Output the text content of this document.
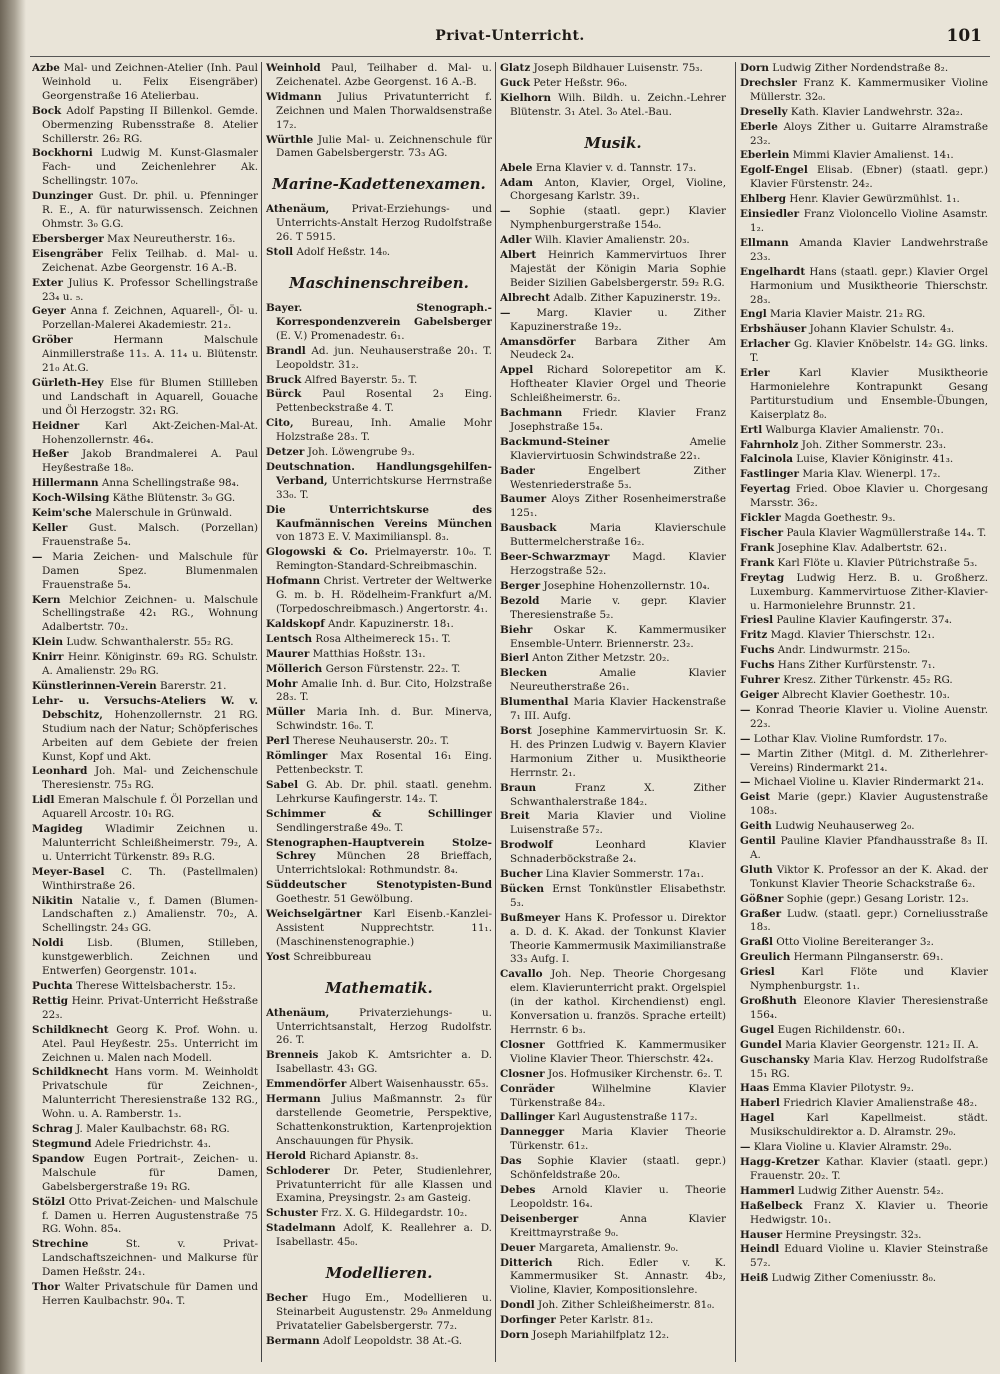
Privat-Unterricht.	101
Azbe Mal- und Zeichnen-Atelier (Inh. Paul Weinhold u. Felix Eisengräber) Georgenstraße 16 Atelierbau.
Bock Adolf Papsting II Billenkol. Gemde. Obermenzing Rubensstraße 8. Atelier Schillerstr. 26₂ RG.
Bockhorni Ludwig M. Kunst-Glasmaler Fach- und Zeichenlehrer Ak. Schellingstr. 107₀.
Dunzinger Gust. Dr. phil. u. Pfenninger R. E., A. für naturwissensch. Zeichnen Ohmstr. 3₀ G.G.
Ebersberger Max Neureutherstr. 16₃.
Eisengräber Felix Teilhab. d. Mal- u. Zeichenat. Azbe Georgenstr. 16 A.-B.
Exter Julius K. Professor Schellingstraße 23₄ u. ₅.
Geyer Anna f. Zeichnen, Aquarell-, Öl- u. Porzellan-Malerei Akademiestr. 21₂.
Gröber	Hermann Malschule Ainmillerstraße 11₃. A. 11₄ u. Blütenstr. 21₀ At.G.
Gürleth-Hey Else für Blumen Stillleben und Landschaft in Aquarell, Gouache und Öl Herzogstr. 32₁ RG.
Heidner Karl Akt-Zeichen-Mal-At. Hohenzollernstr. 46₄.
Heßer Jakob Brandmalerei A. Paul Heyßestraße 18₀.
Hillermann Anna Schellingstraße 98₄.
Koch-Wilsing Käthe Blütenstr. 3₀ GG.
Keim'sche Malerschule in Grünwald.
Keller Gust. Malsch. (Porzellan) Frauenstraße 5₄.
— Maria Zeichen- und Malschule für Damen Spez. Blumenmalen Frauenstraße 5₄.
Kern Melchior Zeichnen- u. Malschule Schellingstraße 42₁ RG., Wohnung Adalbertstr. 70₂.
Klein Ludw. Schwanthalerstr. 55₂ RG.
Knirr Heinr. Königinstr. 69₃ RG. Schulstr. A. Amalienstr. 29₀ RG.
Künstlerinnen-Verein Barerstr. 21.
Lehr- u. Versuchs-Ateliers W. v. Debschitz, Hohenzollernstr. 21 RG. Studium nach der Natur; Schöpferisches Arbeiten auf dem Gebiete der freien Kunst, Kopf und Akt.
Leonhard Joh. Mal- und Zeichenschule Theresienstr. 75₃ RG.
Lidl Emeran Malschule f. Öl Porzellan und Aquarell Arcostr. 10₁ RG.
Magideg Wladimir Zeichnen u. Malunterricht Schleißheimerstr. 79₂, A. u. Unterricht Türkenstr. 89₃ R.G.
Meyer-Basel C. Th. (Pastellmalen) Winthirstraße 26.
Nikitin Natalie v., f. Damen (Blumen-Landschaften z.) Amalienstr. 70₂, A. Schellingstr. 24₃ GG.
Noldi Lisb. (Blumen, Stilleben, kunstgewerblich. Zeichnen und Entwerfen) Georgenstr. 101₄.
Puchta Therese Wittelsbacherstr. 15₂.
Rettig Heinr. Privat-Unterricht Heßstraße 22₃.
Schildknecht Georg K. Prof. Wohn. u. Atel. Paul Heyßestr. 25₃. Unterricht im Zeichnen u. Malen nach Modell.
Schildknecht Hans vorm. M. Weinholdt Privatschule für Zeichnen-, Malunterricht Theresienstraße 132 RG., Wohn. u. A. Ramberstr. 1₃.
Schrag J. Maler Kaulbachstr. 68₁ RG.
Stegmund Adele Friedrichstr. 4₃.
Spandow Eugen Portrait-, Zeichen- u. Malschule für Damen, Gabelsbergerstraße 19₁ RG.
Stölzl Otto Privat-Zeichen- und Malschule f. Damen u. Herren Augustenstraße 75 RG. Wohn. 85₄.
Strechine	St. v. Privat-Landschaftszeichnen- und Malkurse für Damen Heßstr. 24₁.
Thor Walter Privatschule für Damen und Herren Kaulbachstr. 90₄. T.
Weinhold Paul, Teilhaber d. Mal- u. Zeichenatel. Azbe Georgenst. 16 A.-B.
Widmann Julius Privatunterricht f. Zeichnen und Malen Thorwaldsenstraße 17₂.
Würthle Julie Mal- u. Zeichnenschule für Damen Gabelsbergerstr. 73₃ AG.
Marine-Kadettenexamen.
Athenäum, Privat-Erziehungs- und Unterrichts-Anstalt Herzog Rudolfstraße 26. T 5915.
Stoll Adolf Heßstr. 14₀.
Maschinenschreiben.
Bayer. Stenograph.-Korrespondenzverein Gabelsberger (E. V.) Promenadestr. 6₁.
Brandl Ad. jun. Neuhauserstraße 20₁. T. Leopoldstr. 31₂.
Bruck Alfred Bayerstr. 5₂. T.
Bürck Paul Rosental 2₃ Eing. Pettenbeckstraße 4. T.
Cito, Bureau, Inh. Amalie Mohr Holzstraße 28₃. T.
Detzer Joh. Löwengrube 9₃.
Deutschnation. Handlungsgehilfen-Verband, Unterrichtskurse Herrnstraße 33₀. T.
Die Unterrichtskurse des Kaufmännischen Vereins München von 1873 E. V. Maximilianspl. 8₃.
Glogowski & Co. Prielmayerstr. 10₀. T. Remington-Standard-Schreibmaschin.
Hofmann Christ. Vertreter der Weltwerke G. m. b. H. Rödelheim-Frankfurt a/M. (Torpedoschreibmasch.) Angertorstr. 4₁.
Kaldskopf Andr. Kapuzinerstr. 18₁.
Lentsch Rosa Altheimereck 15₁. T.
Maurer Matthias Hoßstr. 13₁.
Möllerich Gerson Fürstenstr. 22₂. T.
Mohr Amalie Inh. d. Bur. Cito, Holzstraße 28₃. T.
Müller Maria Inh. d. Bur. Minerva, Schwindstr. 16₀. T.
Perl Therese Neuhauserstr. 20₂. T.
Römlinger Max Rosental 16₁ Eing. Pettenbeckstr. T.
Sabel G. Ab. Dr. phil. staatl. genehm. Lehrkurse Kaufingerstr. 14₂. T.
Schimmer & Schillinger Sendlingerstraße 49₀. T.
Stenographen-Hauptverein Stolze-Schrey München 28 Brieffach, Unterrichtslokal: Rothmundstr. 8₄.
Süddeutscher Stenotypisten-Bund Goethestr. 51 Gewölbung.
Weichselgärtner Karl Eisenb.-Kanzlei-Assistent Nupprechtstr. 11₁. (Maschinenstenographie.)
Yost Schreibbureau
Mathematik.
Athenäum,	Privaterziehungs- u. Unterrichtsanstalt, Herzog Rudolfstr. 26. T.
Brenneis Jakob K. Amtsrichter a. D. Isabellastr. 43₁ GG.
Emmendörfer Albert Waisenhausstr. 65₃.
Hermann Julius Maßmannstr. 2₃ für darstellende Geometrie, Perspektive, Schattenkonstruktion, Kartenprojektion Anschauungen für Physik.
Herold Richard Apianstr. 8₃.
Schloderer Dr. Peter, Studienlehrer, Privatunterricht für alle Klassen und Examina, Preysingstr. 2₃ am Gasteig.
Schuster Frz. X. G. Hildegardstr. 10₂.
Stadelmann Adolf, K. Reallehrer a. D. Isabellastr. 45₀.
Modellieren.
Becher Hugo Em., Modellieren u. Steinarbeit Augustenstr. 29₀ Anmeldung Privatatelier Gabelsbergerstr. 77₂.
Bermann Adolf Leopoldstr. 38 At.-G.
Glatz Joseph Bildhauer Luisenstr. 75₃.
Guck Peter Heßstr. 96₀.
Kielhorn Wilh. Bildh. u. Zeichn.-Lehrer Blütenstr. 3₁ Atel. 3₀ Atel.-Bau.
Musik.
Abele Erna Klavier v. d. Tannstr. 17₃.
Adam Anton, Klavier, Orgel, Violine, Chorgesang Karlstr. 39₁.
— Sophie (staatl. gepr.) Klavier Nymphenburgerstraße 154₀.
Adler Wilh. Klavier Amalienstr. 20₃.
Albert Heinrich Kammervirtuos Ihrer Majestät der Königin Maria Sophie Beider Sizilien Gabelsbergerstr. 59₂ R.G.
Albrecht Adalb. Zither Kapuzinerstr. 19₂.
— Marg. Klavier u. Zither Kapuzinerstraße 19₂.
Amansdörfer Barbara Zither Am Neudeck 2₄.
Appel Richard Solorepetitor am K. Hoftheater Klavier Orgel und Theorie Schleißheimerstr. 6₂.
Bachmann Friedr. Klavier Franz Josephstraße 15₄.
Backmund-Steiner	Amelie Klaviervirtuosin Schwindstraße 22₁.
Bader	Engelbert Zither Westenriederstraße 5₃.
Baumer Aloys Zither Rosenheimerstraße 125₁.
Bausback	Maria Klavierschule Buttermelcherstraße 16₂.
Beer-Schwarzmayr Magd. Klavier Herzogstraße 52₂.
Berger Josephine Hohenzollernstr. 10₄.
Bezold Marie v. gepr. Klavier Theresienstraße 5₂.
Biehr Oskar K. Kammermusiker Ensemble-Unterr. Briennerstr. 23₂.
Bierl Anton Zither Metzstr. 20₂.
Blecken	Amalie Klavier Neureutherstraße 26₁.
Blumenthal Maria Klavier Hackenstraße 7₁ III. Aufg.
Borst Josephine Kammervirtuosin Sr. K. H. des Prinzen Ludwig v. Bayern Klavier Harmonium Zither u. Musiktheorie Herrnstr. 2₁.
Braun	Franz X. Zither Schwanthalerstraße 184₂.
Breit Maria Klavier und Violine Luisenstraße 57₂.
Brodwolf	Leonhard Klavier Schnaderböckstraße 2₄.
Bucher Lina Klavier Sommerstr. 17a₁.
Bücken Ernst Tonkünstler Elisabethstr. 5₃.
Bußmeyer Hans K. Professor u. Direktor a. D. d. K. Akad. der Tonkunst Klavier Theorie Kammermusik Maximilianstraße 33₃ Aufg. I.
Cavallo Joh. Nep. Theorie Chorgesang elem. Klavierunterricht prakt. Orgelspiel (in der kathol. Kirchendienst) engl. Konversation u. französ. Sprache erteilt) Herrnstr. 6 b₃.
Closner Gottfried K. Kammermusiker Violine Klavier Theor. Thierschstr. 42₄.
Closner Jos. Hofmusiker Kirchenstr. 6₂. T.
Conräder	Wilhelmine Klavier Türkenstraße 84₂.
Dallinger Karl Augustenstraße 117₂.
Dannegger Maria Klavier Theorie Türkenstr. 61₂.
Das Sophie Klavier (staatl. gepr.) Schönfeldstraße 20₀.
Debes Arnold Klavier u. Theorie Leopoldstr. 16₄.
Deisenberger	Anna Klavier Kreittmayrstraße 9₀.
Deuer Margareta, Amalienstr. 9₀.
Ditterich Rich. Edler v. K. Kammermusiker St. Annastr. 4b₂, Violine, Klavier, Kompositionslehre.
Dondl Joh. Zither Schleißheimerstr. 81₀.
Dorfinger Peter Karlstr. 81₂.
Dorn Joseph Mariahilfplatz 12₂.
Dorn Ludwig Zither Nordendstraße 8₂.
Drechsler Franz K. Kammermusiker Violine Müllerstr. 32₀.
Dreselly Kath. Klavier Landwehrstr. 32a₂.
Eberle Aloys Zither u. Guitarre Alramstraße 23₂.
Eberlein Mimmi Klavier Amalienst. 14₁.
Egolf-Engel Elisab. (Ebner) (staatl. gepr.) Klavier Fürstenstr. 24₂.
Ehlberg Henr. Klavier Gewürzmühlst. 1₁.
Einsiedler Franz Violoncello Violine Asamstr. 1₂.
Ellmann Amanda Klavier Landwehrstraße 23₃.
Engelhardt Hans (staatl. gepr.) Klavier Orgel Harmonium und Musiktheorie Thierschstr. 28₃.
Engl Maria Klavier Maistr. 21₂ RG.
Erbshäuser Johann Klavier Schulstr. 4₃.
Erlacher Gg. Klavier Knöbelstr. 14₂ GG. links. T.
Erler	Karl Klavier Musiktheorie Harmonielehre Kontrapunkt Gesang Partiturstudium und Ensemble-Übungen, Kaiserplatz 8₀.
Ertl Walburga Klavier Amalienstr. 70₁.
Fahrnholz Joh. Zither Sommerstr. 23₃.
Falcinola Luise, Klavier Königinstr. 41₃.
Fastlinger Maria Klav. Wienerpl. 17₂.
Feyertag Fried. Oboe Klavier u. Chorgesang Marsstr. 36₂.
Fickler Magda Goethestr. 9₃.
Fischer Paula Klavier Wagmüllerstraße 14₄. T.
Frank Josephine Klav. Adalbertstr. 62₁.
Frank Karl Flöte u. Klavier Pütrichstraße 5₃.
Freytag Ludwig Herz. B. u. Großherz. Luxemburg. Kammervirtuose Zither-Klavier- u. Harmonielehre Brunnstr. 21.
Friesl Pauline Klavier Kaufingerstr. 37₄.
Fritz Magd. Klavier Thierschstr. 12₁.
Fuchs Andr. Lindwurmstr. 215₀.
Fuchs Hans Zither Kurfürstenstr. 7₁.
Fuhrer Kresz. Zither Türkenstr. 45₂ RG.
Geiger Albrecht Klavier Goethestr. 10₃.
— Konrad Theorie Klavier u. Violine Auenstr. 22₃.
— Lothar Klav. Violine Rumfordstr. 17₀.
— Martin Zither (Mitgl. d. M. Zitherlehrer-Vereins) Rindermarkt 21₄.
— Michael Violine u. Klavier Rindermarkt 21₄.
Geist Marie (gepr.) Klavier Augustenstraße 108₃.
Geith Ludwig Neuhauserweg 2₀.
Gentil Pauline Klavier Pfandhausstraße 8₃ II. A.
Gluth Viktor K. Professor an der K. Akad. der Tonkunst Klavier Theorie Schackstraße 6₂.
Gößner Sophie (gepr.) Gesang Loristr. 12₃.
Graßer Ludw. (staatl. gepr.) Corneliusstraße 18₃.
Graßl Otto Violine Bereiteranger 3₂.
Greulich Hermann Pilnganserstr. 69₁.
Griesl	Karl Flöte und Klavier Nymphenburgstr. 1₁.
Großhuth Eleonore Klavier Theresienstraße 156₄.
Gugel Eugen Richildenstr. 60₁.
Gundel Maria Klavier Georgenstr. 121₂ II. A.
Guschansky Maria Klav. Herzog Rudolfstraße 15₁ RG.
Haas Emma Klavier Pilotystr. 9₂.
Haberl Friedrich Klavier Amalienstraße 48₂.
Hagel	Karl Kapellmeist. städt. Musikschuldirektor a. D. Alramstr. 29₀.
— Klara Violine u. Klavier Alramstr. 29₀.
Hagg-Kretzer Kathar. Klavier (staatl. gepr.) Frauenstr. 20₂. T.
Hammerl Ludwig Zither Auenstr. 54₂.
Haßelbeck Franz X. Klavier u. Theorie Hedwigstr. 10₁.
Hauser Hermine Preysingstr. 32₃.
Heindl Eduard Violine u. Klavier Steinstraße 57₂.
Heiß Ludwig Zither Comeniusstr. 8₀.
